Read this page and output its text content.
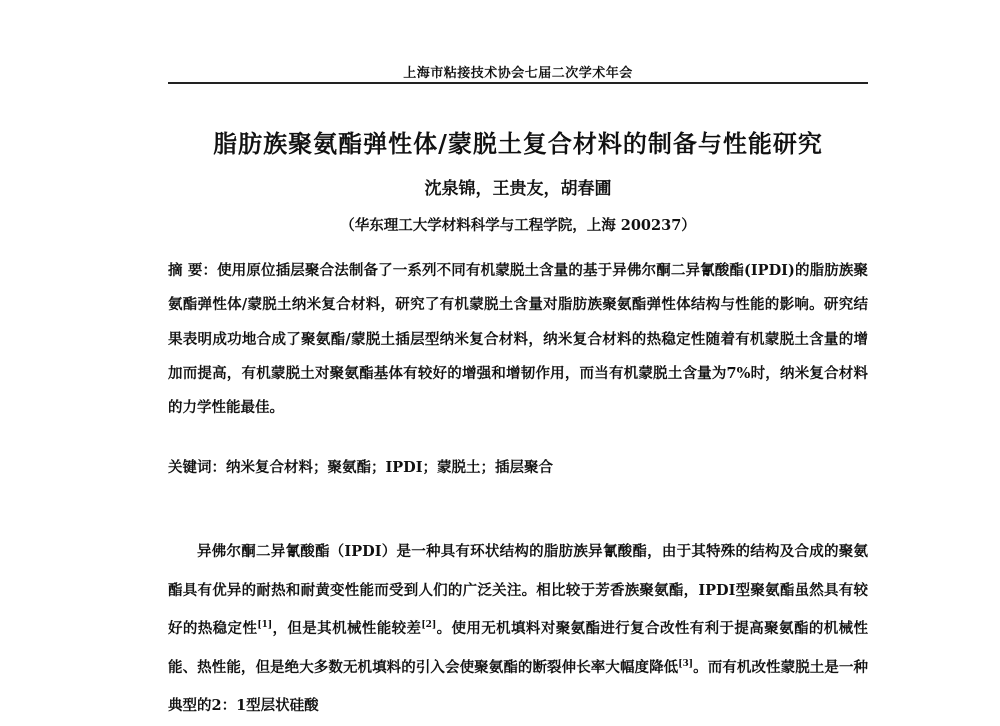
上海市粘接技术协会七届二次学术年会
脂肪族聚氨酯弹性体/蒙脱土复合材料的制备与性能研究
沈泉锦，王贵友，胡春圃
（华东理工大学材料科学与工程学院，上海 200237）
摘 要：使用原位插层聚合法制备了一系列不同有机蒙脱土含量的基于异佛尔酮二异氰酸酯(IPDI)的脂肪族聚氨酯弹性体/蒙脱土纳米复合材料，研究了有机蒙脱土含量对脂肪族聚氨酯弹性体结构与性能的影响。研究结果表明成功地合成了聚氨酯/蒙脱土插层型纳米复合材料，纳米复合材料的热稳定性随着有机蒙脱土含量的增加而提高，有机蒙脱土对聚氨酯基体有较好的增强和增韧作用，而当有机蒙脱土含量为7%时，纳米复合材料的力学性能最佳。
关键词：纳米复合材料；聚氨酯；IPDI；蒙脱土；插层聚合
异佛尔酮二异氰酸酯（IPDI）是一种具有环状结构的脂肪族异氰酸酯，由于其特殊的结构及合成的聚氨酯具有优异的耐热和耐黄变性能而受到人们的广泛关注。相比较于芳香族聚氨酯，IPDI型聚氨酯虽然具有较好的热稳定性[1]，但是其机械性能较差[2]。使用无机填料对聚氨酯进行复合改性有利于提高聚氨酯的机械性能、热性能，但是绝大多数无机填料的引入会使聚氨酯的断裂伸长率大幅度降低[3]。而有机改性蒙脱土是一种典型的2：1型层状硅酸
